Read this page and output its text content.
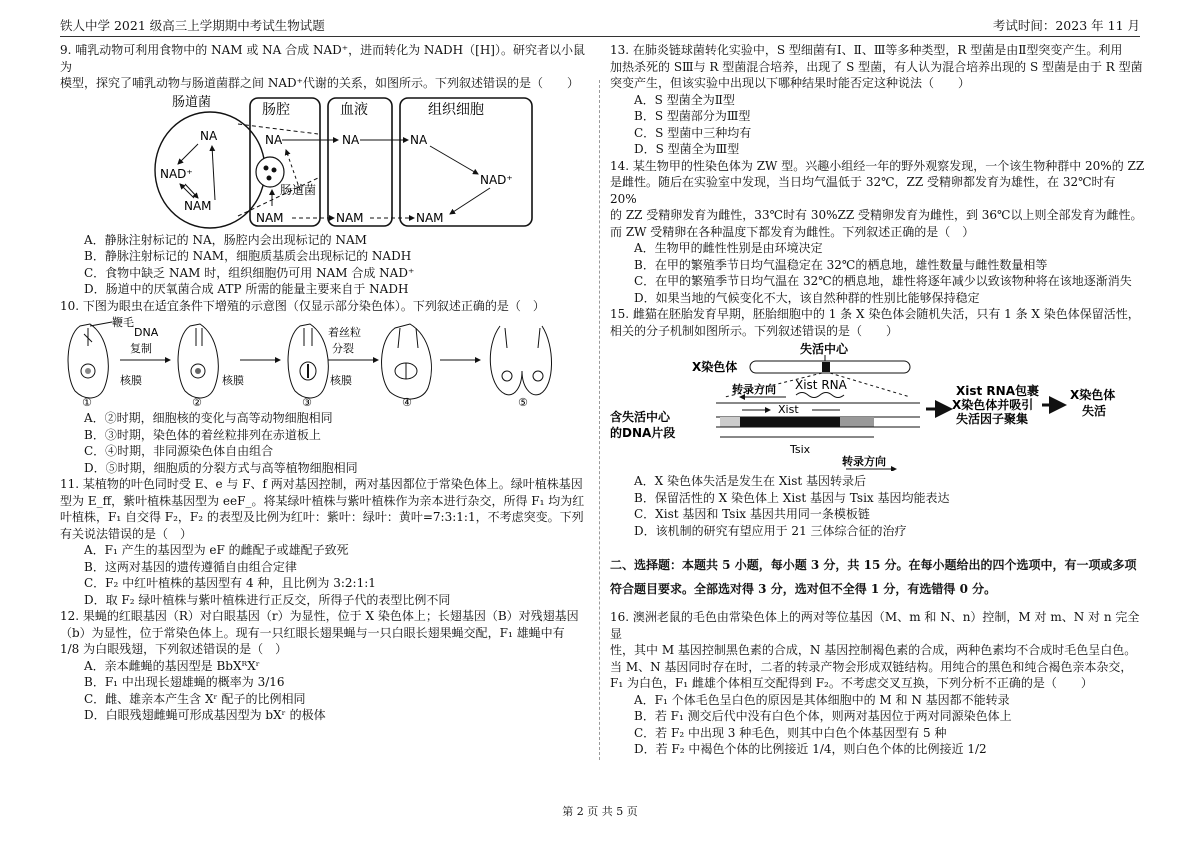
铁人中学 2021 级高三上学期期中考试生物试题	考试时间：2023 年 11 月

9. 哺乳动物可利用食物中的 NAM 或 NA 合成 NAD⁺，进而转化为 NADH（[H]）。研究者以小鼠为

模型，探究了哺乳动物与肠道菌群之间 NAD⁺代谢的关系，如图所示。下列叙述错误的是（　　）

肠道菌
NA
NAD⁺
NAM
肠腔
NA
肠道菌
NAM
血液
NA
NAM
组织细胞
NA
NAD⁺
NAM

A．静脉注射标记的 NA，肠腔内会出现标记的 NAM

B．静脉注射标记的 NAM，细胞质基质会出现标记的 NADH

C．食物中缺乏 NAM 时，组织细胞仍可用 NAM 合成 NAD⁺

D．肠道中的厌氧菌合成 ATP 所需的能量主要来自于 NADH

10. 下图为眼虫在适宜条件下增殖的示意图（仅显示部分染色体）。下列叙述正确的是（　）

鞭毛
①
DNA
复制
核膜
②
核膜
③
着丝粒
分裂
核膜
④	⑤

A．②时期，细胞核的变化与高等动物细胞相同

B．③时期，染色体的着丝粒排列在赤道板上

C．④时期，非同源染色体自由组合

D．⑤时期，细胞质的分裂方式与高等植物细胞相同

11. 某植物的叶色同时受 E、e 与 F、f 两对基因控制，两对基因都位于常染色体上。绿叶植株基因

型为 E_ff，紫叶植株基因型为 eeF_。将某绿叶植株与紫叶植株作为亲本进行杂交，所得 F₁ 均为红

叶植株，F₁ 自交得 F₂，F₂ 的表型及比例为红叶：紫叶：绿叶：黄叶=7:3:1:1，不考虑突变。下列

有关说法错误的是（　）

A．F₁ 产生的基因型为 eF 的雌配子或雄配子致死

B．这两对基因的遗传遵循自由组合定律

C．F₂ 中红叶植株的基因型有 4 种，且比例为 3:2:1:1

D．取 F₂ 绿叶植株与紫叶植株进行正反交，所得子代的表型比例不同

12. 果蝇的红眼基因（R）对白眼基因（r）为显性，位于 X 染色体上；长翅基因（B）对残翅基因

（b）为显性，位于常染色体上。现有一只红眼长翅果蝇与一只白眼长翅果蝇交配，F₁ 雄蝇中有

1/8 为白眼残翅，下列叙述错误的是（　）

A．亲本雌蝇的基因型是 BbXᴿXʳ

B．F₁ 中出现长翅雄蝇的概率为 3/16

C．雌、雄亲本产生含 Xʳ 配子的比例相同

D．白眼残翅雌蝇可形成基因型为 bXʳ 的极体

13. 在肺炎链球菌转化实验中，S 型细菌有Ⅰ、Ⅱ、Ⅲ等多种类型，R 型菌是由Ⅱ型突变产生。利用

加热杀死的 SⅢ与 R 型菌混合培养，出现了 S 型菌，有人认为混合培养出现的 S 型菌是由于 R 型菌

突变产生，但该实验中出现以下哪种结果时能否定这种说法（　　）

A．S 型菌全为Ⅱ型

B．S 型菌部分为Ⅲ型

C．S 型菌中三种均有

D．S 型菌全为Ⅲ型

14. 某生物甲的性染色体为 ZW 型。兴趣小组经一年的野外观察发现，一个该生物种群中 20%的 ZZ

是雌性。随后在实验室中发现，当日均气温低于 32℃，ZZ 受精卵都发育为雄性，在 32℃时有 20%

的 ZZ 受精卵发育为雌性，33℃时有 30%ZZ 受精卵发育为雌性，到 36℃以上则全部发育为雌性。

而 ZW 受精卵在各种温度下都发育为雌性。下列叙述正确的是（　）

A．生物甲的雌性性别是由环境决定

B．在甲的繁殖季节日均气温稳定在 32℃的栖息地，雄性数量与雌性数量相等

C．在甲的繁殖季节日均气温在 32℃的栖息地，雄性将逐年减少以致该物种将在该地逐渐消失

D．如果当地的气候变化不大，该自然种群的性别比能够保持稳定

15. 雌猫在胚胎发育早期，胚胎细胞中的 1 条 X 染色体会随机失活，只有 1 条 X 染色体保留活性，

相关的分子机制如图所示。下列叙述错误的是（　　）

失活中心
X染色体
转录方向 Xist RNA
Xist
含失活中心
的DNA片段
Tsix
转录方向
Xist RNA包裹
X染色体并吸引
失活因子聚集
X染色体
失活

A．X 染色体失活是发生在 Xist 基因转录后

B．保留活性的 X 染色体上 Xist 基因与 Tsix 基因均能表达

C．Xist 基因和 Tsix 基因共用同一条模板链

D．该机制的研究有望应用于 21 三体综合征的治疗

二、选择题：本题共 5 小题，每小题 3 分，共 15 分。在每小题给出的四个选项中，有一项或多项

符合题目要求。全部选对得 3 分，选对但不全得 1 分，有选错得 0 分。

16. 澳洲老鼠的毛色由常染色体上的两对等位基因（M、m 和 N、n）控制，M 对 m、N 对 n 完全显

性，其中 M 基因控制黑色素的合成，N 基因控制褐色素的合成，两种色素均不合成时毛色呈白色。

当 M、N 基因同时存在时，二者的转录产物会形成双链结构。用纯合的黑色和纯合褐色亲本杂交，

F₁ 为白色，F₁ 雌雄个体相互交配得到 F₂。不考虑交叉互换，下列分析不正确的是（　　）

A．F₁ 个体毛色呈白色的原因是其体细胞中的 M 和 N 基因都不能转录

B．若 F₁ 测交后代中没有白色个体，则两对基因位于两对同源染色体上

C．若 F₂ 中出现 3 种毛色，则其中白色个体基因型有 5 种

D．若 F₂ 中褐色个体的比例接近 1/4，则白色个体的比例接近 1/2

第 2 页 共 5 页
